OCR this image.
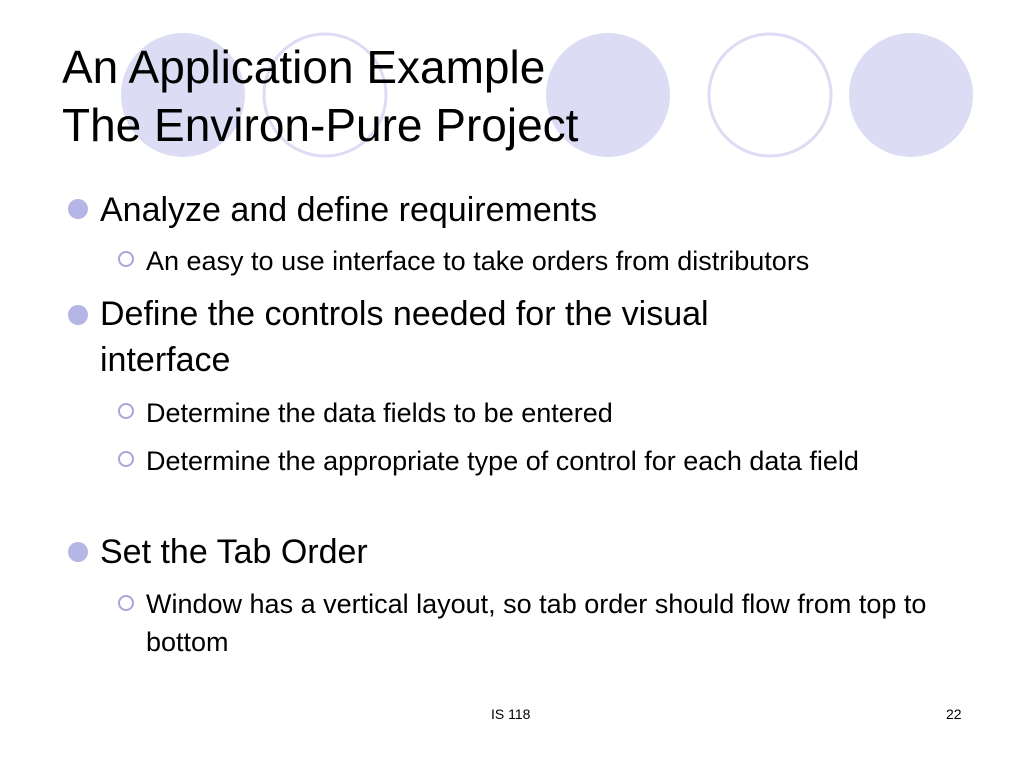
An Application Example
The Environ-Pure Project
Analyze and define requirements
An easy to use interface to take orders from distributors
Define the controls needed for the visual interface
Determine the data fields to be entered
Determine the appropriate type of control for each data field
Set the Tab Order
Window has a vertical layout, so tab order should flow from top to bottom
IS 118	22
